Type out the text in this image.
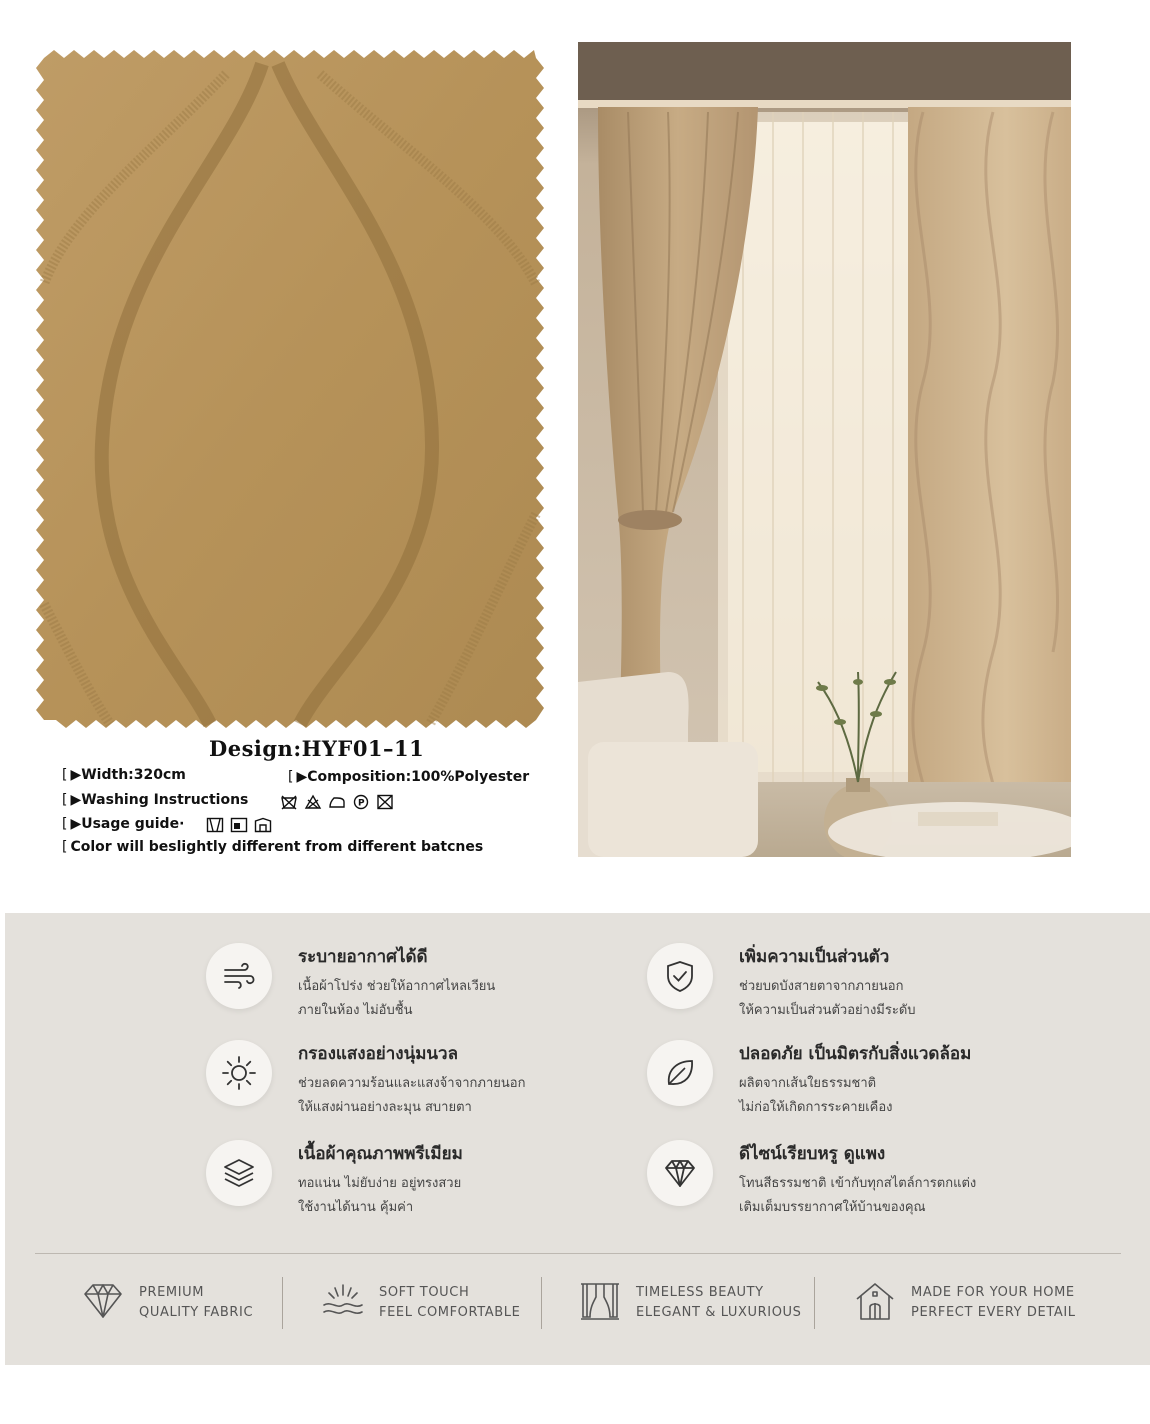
Design:HYF01–11
[ ▶Width:320cm	[ ▶Composition:100%Polyester
[ ▶Washing Instructions	P
[ ▶Usage guide·
[ Color will beslightly different from different batcnes
ระบายอากาศได้ดี
เนื้อผ้าโปร่ง ช่วยให้อากาศไหลเวียน
ภายในห้อง ไม่อับชื้น
เพิ่มความเป็นส่วนตัว
ช่วยบดบังสายตาจากภายนอก
ให้ความเป็นส่วนตัวอย่างมีระดับ
กรองแสงอย่างนุ่มนวล
ช่วยลดความร้อนและแสงจ้าจากภายนอก
ให้แสงผ่านอย่างละมุน สบายตา
ปลอดภัย เป็นมิตรกับสิ่งแวดล้อม
ผลิตจากเส้นใยธรรมชาติ
ไม่ก่อให้เกิดการระคายเคือง
เนื้อผ้าคุณภาพพรีเมียม
ทอแน่น ไม่ยับง่าย อยู่ทรงสวย
ใช้งานได้นาน คุ้มค่า
ดีไซน์เรียบหรู ดูแพง
โทนสีธรรมชาติ เข้ากับทุกสไตล์การตกแต่ง
เติมเต็มบรรยากาศให้บ้านของคุณ
PREMIUM
QUALITY FABRIC
SOFT TOUCH
FEEL COMFORTABLE
TIMELESS BEAUTY
ELEGANT & LUXURIOUS
MADE FOR YOUR HOME
PERFECT EVERY DETAIL
